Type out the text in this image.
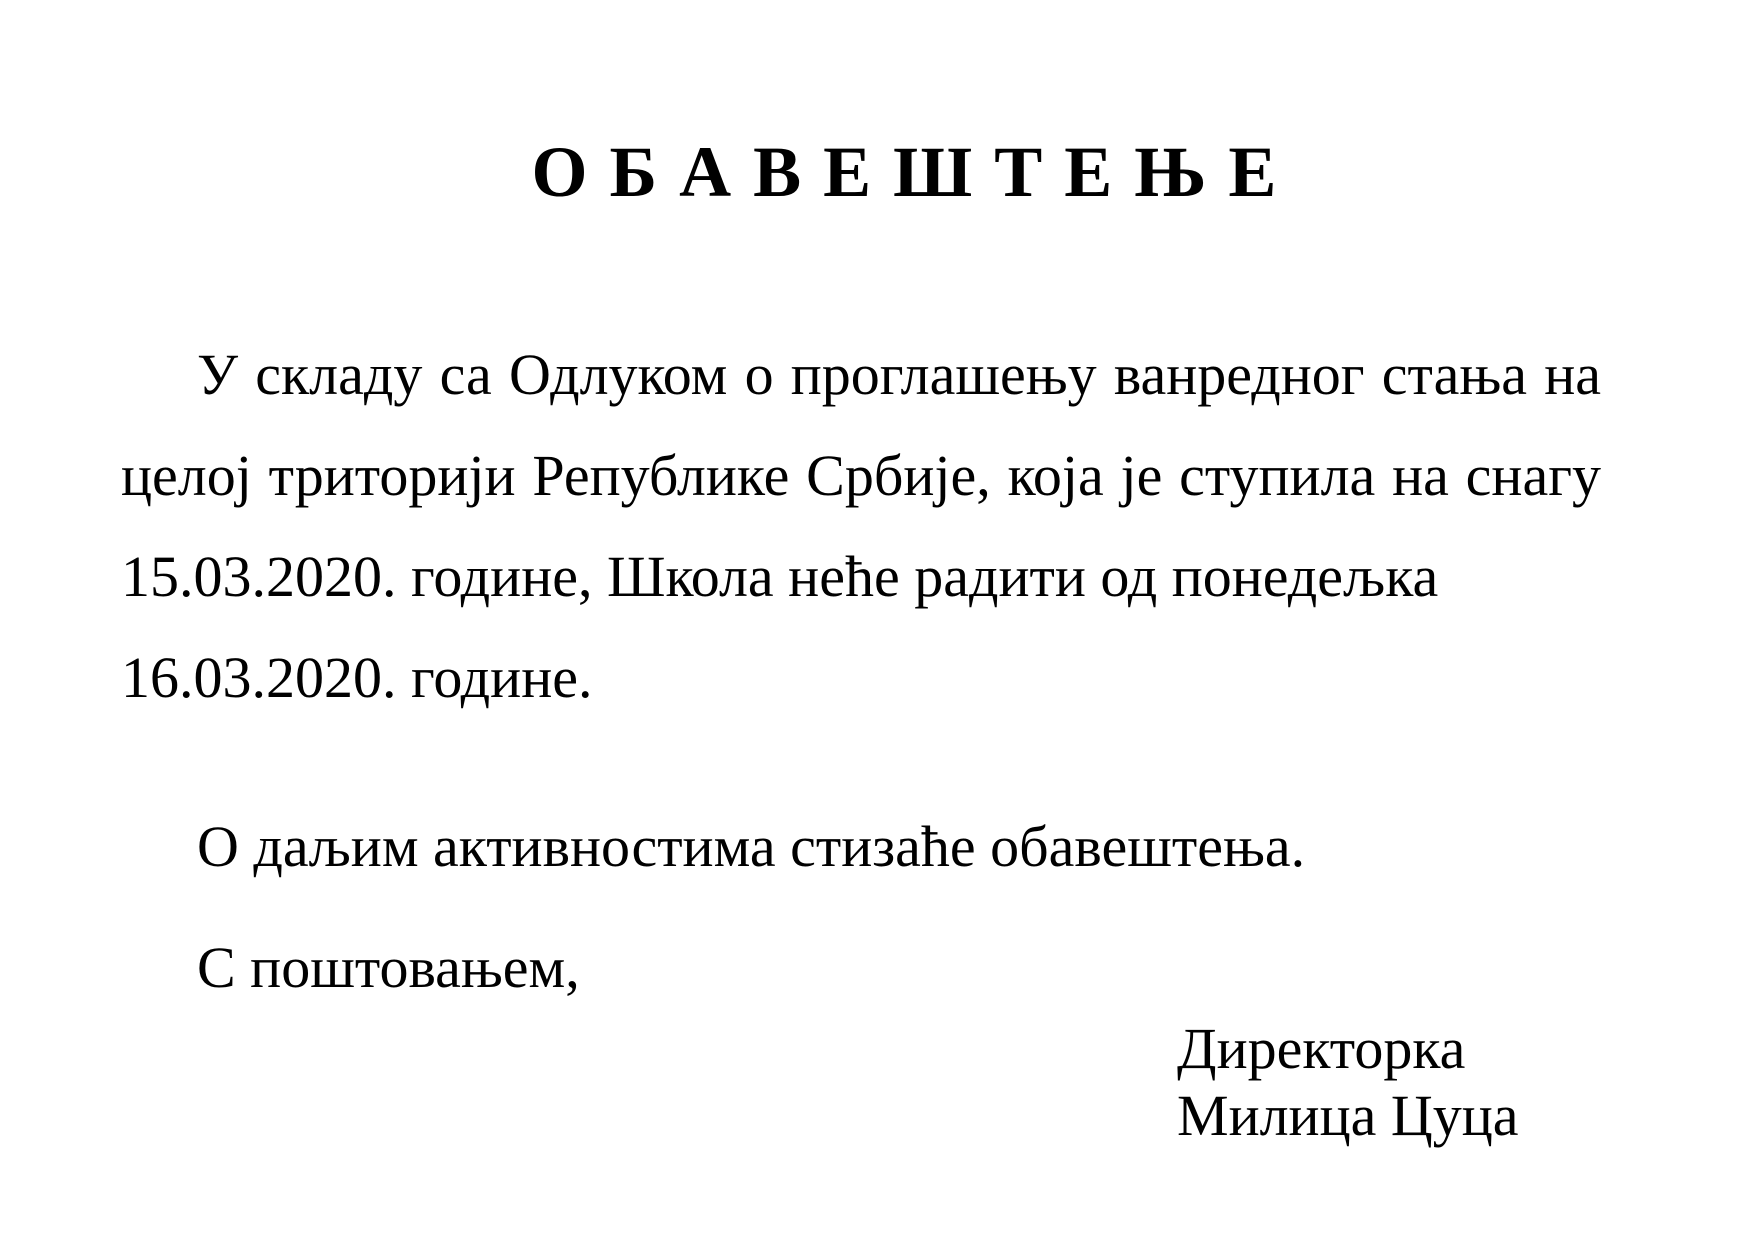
О Б А В Е Ш Т Е Њ Е
У складу са Одлуком о проглашењу ванредног стања на
целој триторији Републике Србије, која је ступила на снагу
15.03.2020. године, Школа неће радити од понедељка
16.03.2020. године.
О даљим активностима стизаће обавештења.
С поштовањем,
Директорка
Милица Цуца
